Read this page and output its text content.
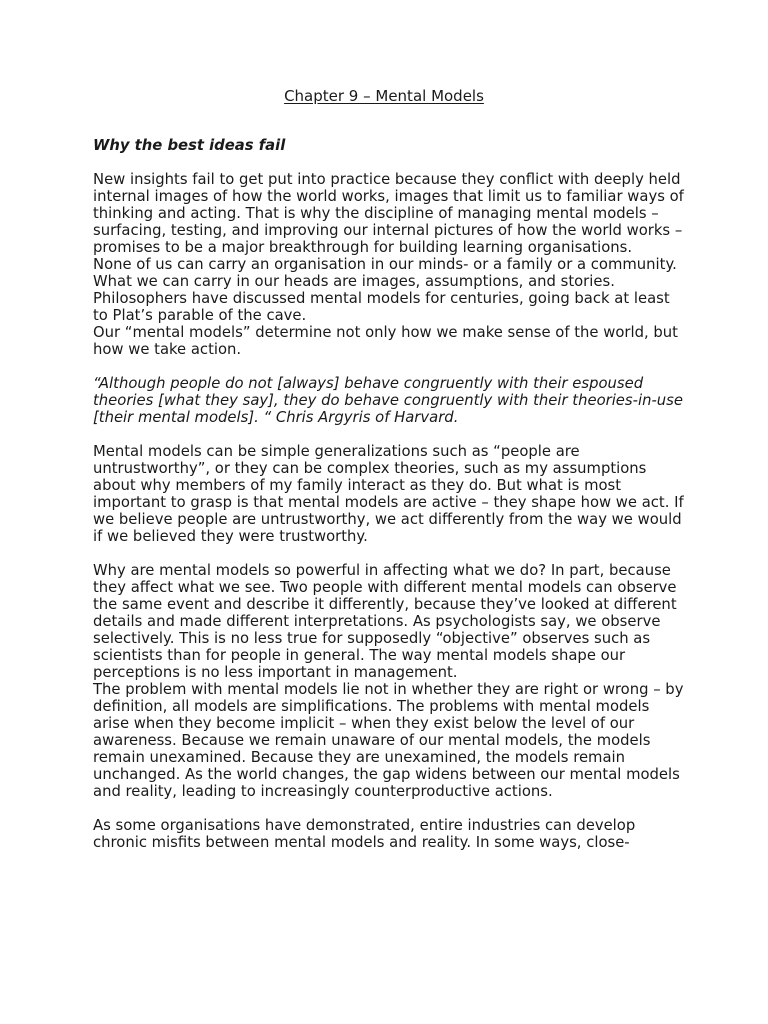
Chapter 9 – Mental Models

Why the best ideas fail

New insights fail to get put into practice because they conflict with deeply held internal images of how the world works, images that limit us to familiar ways of thinking and acting. That is why the discipline of managing mental models – surfacing, testing, and improving our internal pictures of how the world works – promises to be a major breakthrough for building learning organisations.

None of us can carry an organisation in our minds- or a family or a community. What we can carry in our heads are images, assumptions, and stories. Philosophers have discussed mental models for centuries, going back at least to Plat’s parable of the cave.

Our “mental models” determine not only how we make sense of the world, but how we take action.

“Although people do not [always] behave congruently with their espoused theories [what they say], they do behave congruently with their theories-in-use [their mental models]. “ Chris Argyris of Harvard.

Mental models can be simple generalizations such as “people are untrustworthy”, or they can be complex theories, such as my assumptions about why members of my family interact as they do. But what is most important to grasp is that mental models are active – they shape how we act. If we believe people are untrustworthy, we act differently from the way we would if we believed they were trustworthy.

Why are mental models so powerful in affecting what we do? In part, because they affect what we see. Two people with different mental models can observe the same event and describe it differently, because they’ve looked at different details and made different interpretations. As psychologists say, we observe selectively. This is no less true for supposedly “objective” observes such as scientists than for people in general. The way mental models shape our perceptions is no less important in management.

The problem with mental models lie not in whether they are right or wrong – by definition, all models are simplifications. The problems with mental models arise when they become implicit – when they exist below the level of our awareness. Because we remain unaware of our mental models, the models remain unexamined. Because they are unexamined, the models remain unchanged. As the world changes, the gap widens between our mental models and reality, leading to increasingly counterproductive actions.

As some organisations have demonstrated, entire industries can develop chronic misfits between mental models and reality. In some ways, close-
